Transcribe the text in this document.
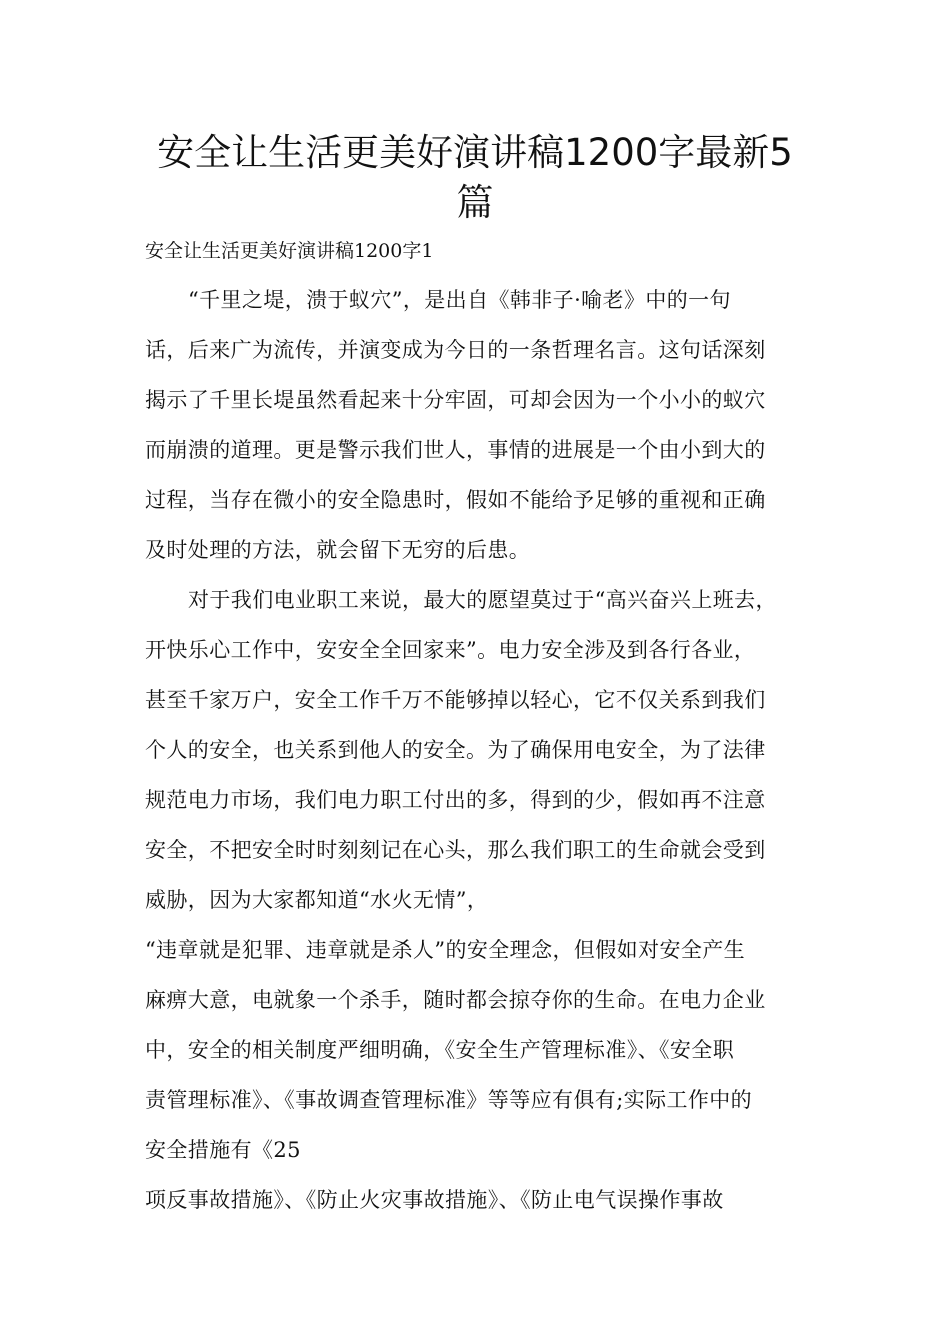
安全让生活更美好演讲稿1200字最新5
篇
安全让生活更美好演讲稿1200字1
“千里之堤，溃于蚁穴”，是出自《韩非子·喻老》中的一句
话，后来广为流传，并演变成为今日的一条哲理名言。这句话深刻
揭示了千里长堤虽然看起来十分牢固，可却会因为一个小小的蚁穴
而崩溃的道理。更是警示我们世人，事情的进展是一个由小到大的
过程，当存在微小的安全隐患时，假如不能给予足够的重视和正确
及时处理的方法，就会留下无穷的后患。
对于我们电业职工来说，最大的愿望莫过于“高兴奋兴上班去，
开快乐心工作中，安安全全回家来”。电力安全涉及到各行各业，
甚至千家万户，安全工作千万不能够掉以轻心，它不仅关系到我们
个人的安全，也关系到他人的安全。为了确保用电安全，为了法律
规范电力市场，我们电力职工付出的多，得到的少，假如再不注意
安全，不把安全时时刻刻记在心头，那么我们职工的生命就会受到
威胁，因为大家都知道“水火无情”，
“违章就是犯罪、违章就是杀人”的安全理念，但假如对安全产生
麻痹大意，电就象一个杀手，随时都会掠夺你的生命。在电力企业
中，安全的相关制度严细明确，《安全生产管理标准》、《安全职
责管理标准》、《事故调查管理标准》等等应有俱有;实际工作中的
安全措施有《25
项反事故措施》、《防止火灾事故措施》、《防止电气误操作事故
